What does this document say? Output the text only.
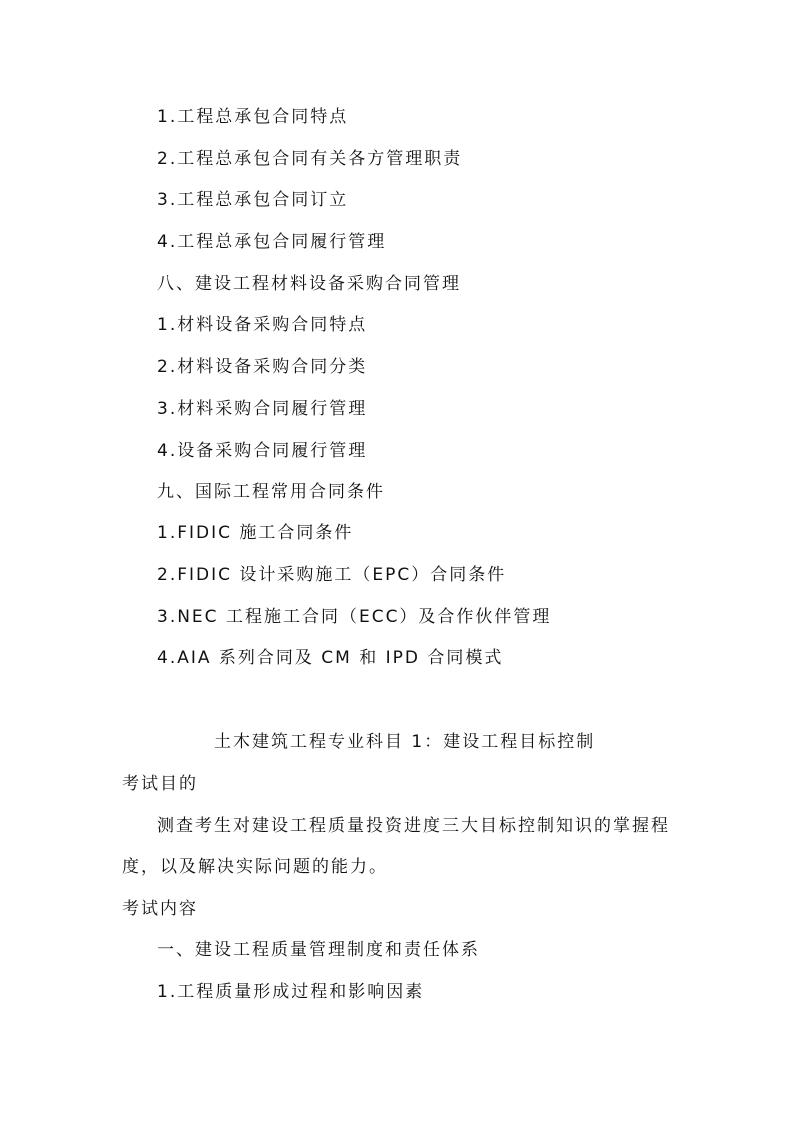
1.工程总承包合同特点
2.工程总承包合同有关各方管理职责
3.工程总承包合同订立
4.工程总承包合同履行管理
八、建设工程材料设备采购合同管理
1.材料设备采购合同特点
2.材料设备采购合同分类
3.材料采购合同履行管理
4.设备采购合同履行管理
九、国际工程常用合同条件
1.FIDIC 施工合同条件
2.FIDIC 设计采购施工（EPC）合同条件
3.NEC 工程施工合同（ECC）及合作伙伴管理
4.AIA 系列合同及 CM 和 IPD 合同模式
土木建筑工程专业科目 1：建设工程目标控制
考试目的
测查考生对建设工程质量投资进度三大目标控制知识的掌握程
度，以及解决实际问题的能力。
考试内容
一、建设工程质量管理制度和责任体系
1.工程质量形成过程和影响因素
